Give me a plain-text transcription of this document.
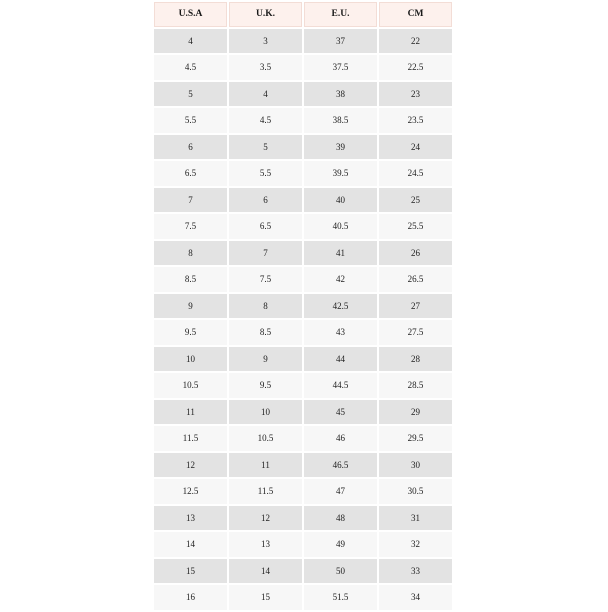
U.S.A	U.K.	E.U.	CM
4	3	37	22
4.5	3.5	37.5	22.5
5	4	38	23
5.5	4.5	38.5	23.5
6	5	39	24
6.5	5.5	39.5	24.5
7	6	40	25
7.5	6.5	40.5	25.5
8	7	41	26
8.5	7.5	42	26.5
9	8	42.5	27
9.5	8.5	43	27.5
10	9	44	28
10.5	9.5	44.5	28.5
11	10	45	29
11.5	10.5	46	29.5
12	11	46.5	30
12.5	11.5	47	30.5
13	12	48	31
14	13	49	32
15	14	50	33
16	15	51.5	34
